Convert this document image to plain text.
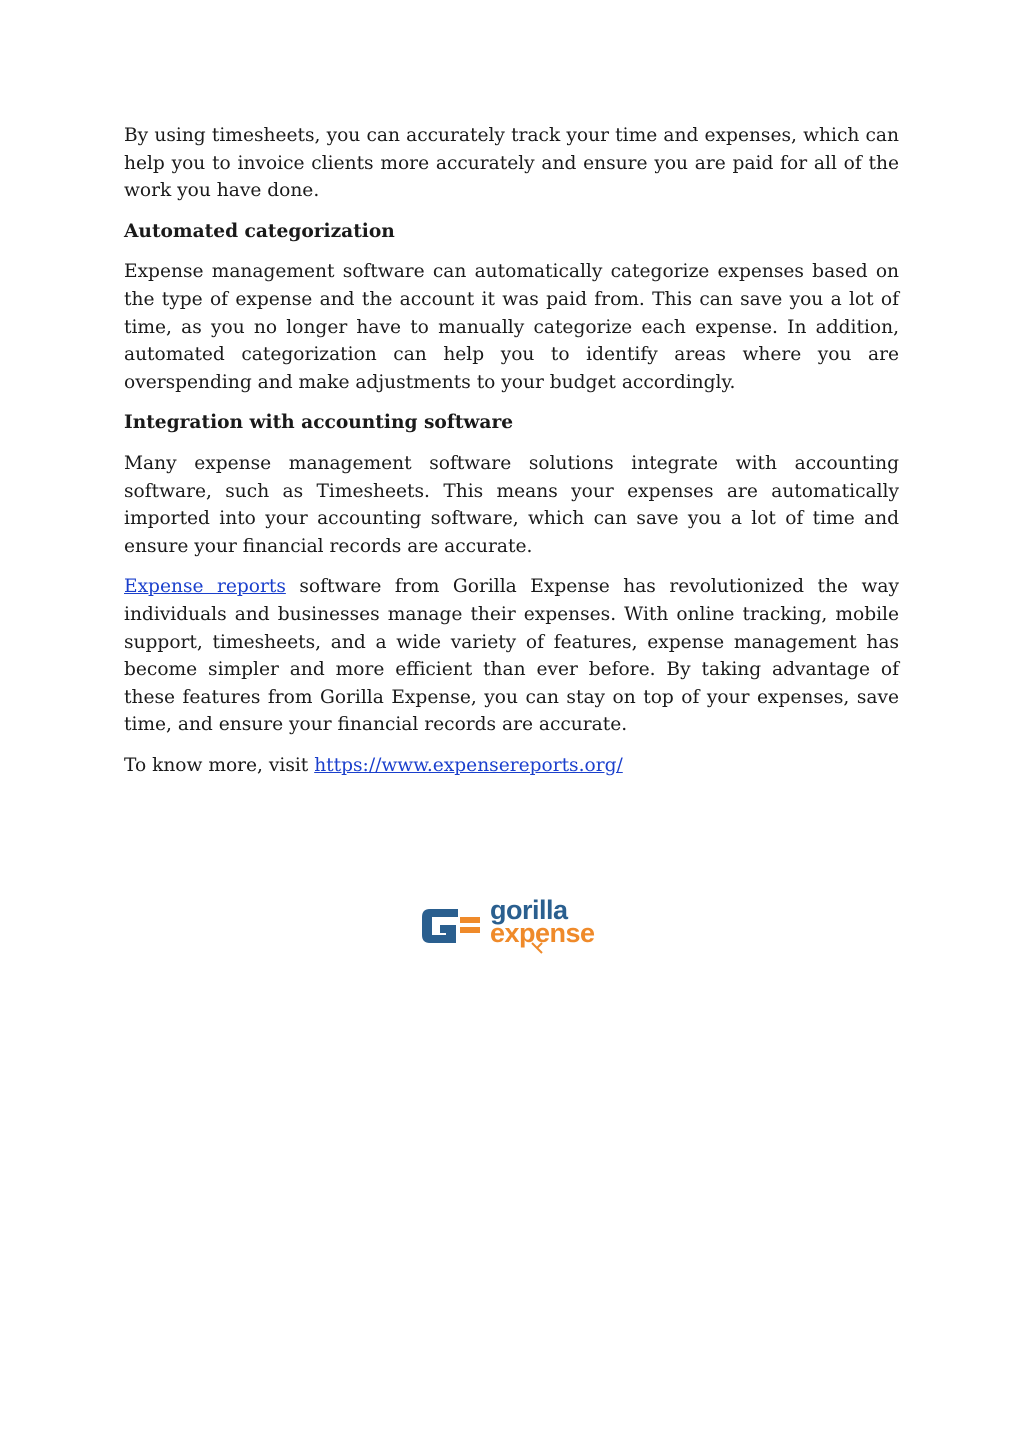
By using timesheets, you can accurately track your time and expenses, which can help you to invoice clients more accurately and ensure you are paid for all of the work you have done.

Automated categorization

Expense management software can automatically categorize expenses based on the type of expense and the account it was paid from. This can save you a lot of time, as you no longer have to manually categorize each expense. In addition, automated categorization can help you to identify areas where you are overspending and make adjustments to your budget accordingly.

Integration with accounting software

Many expense management software solutions integrate with accounting software, such as Timesheets. This means your expenses are automatically imported into your accounting software, which can save you a lot of time and ensure your financial records are accurate.

Expense reports software from Gorilla Expense has revolutionized the way individuals and businesses manage their expenses. With online tracking, mobile support, timesheets, and a wide variety of features, expense management has become simpler and more efficient than ever before. By taking advantage of these features from Gorilla Expense, you can stay on top of your expenses, save time, and ensure your financial records are accurate.

To know more, visit https://www.expensereports.org/

gorilla
expense
